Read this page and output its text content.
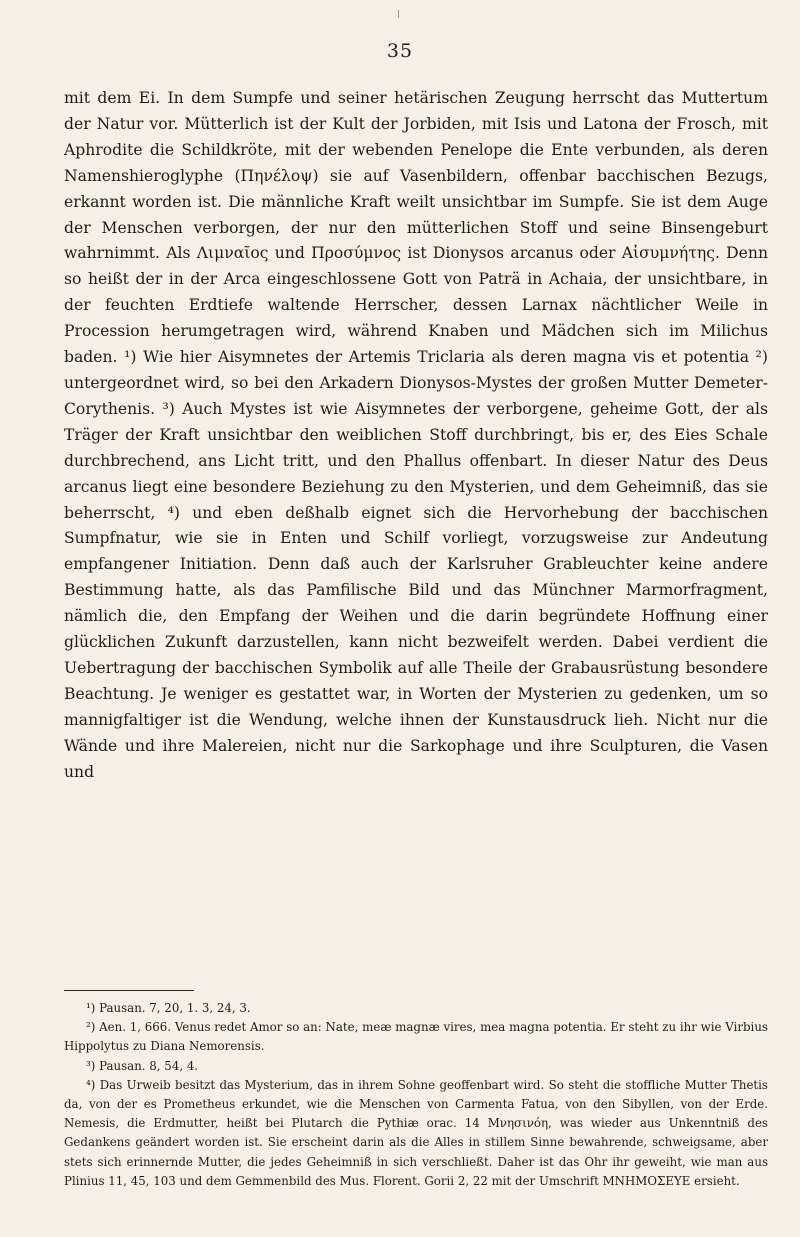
35
mit dem Ei. In dem Sumpfe und seiner hetärischen Zeugung herrscht das Muttertum der Natur vor. Mütterlich ist der Kult der Jorbiden, mit Isis und Latona der Frosch, mit Aphrodite die Schildkröte, mit der webenden Penelope die Ente verbunden, als deren Namenshieroglyphe (Πηνέλοψ) sie auf Vasenbildern, offenbar bacchischen Bezugs, erkannt worden ist. Die männliche Kraft weilt unsichtbar im Sumpfe. Sie ist dem Auge der Menschen verborgen, der nur den mütterlichen Stoff und seine Binsengeburt wahrnimmt. Als Λιμναῖος und Προσύμνος ist Dionysos arcanus oder Αἰσυμνήτης. Denn so heißt der in der Arca eingeschlossene Gott von Paträ in Achaia, der unsichtbare, in der feuchten Erdtiefe waltende Herrscher, dessen Larnax nächtlicher Weile in Procession herumgetragen wird, während Knaben und Mädchen sich im Milichus baden. ¹) Wie hier Aisymnetes der Artemis Triclaria als deren magna vis et potentia ²) untergeordnet wird, so bei den Arkadern Dionysos-Mystes der großen Mutter Demeter-Corythenis. ³) Auch Mystes ist wie Aisymnetes der verborgene, geheime Gott, der als Träger der Kraft unsichtbar den weiblichen Stoff durchbringt, bis er, des Eies Schale durchbrechend, ans Licht tritt, und den Phallus offenbart. In dieser Natur des Deus arcanus liegt eine besondere Beziehung zu den Mysterien, und dem Geheimniß, das sie beherrscht, ⁴) und eben deßhalb eignet sich die Hervorhebung der bacchischen Sumpfnatur, wie sie in Enten und Schilf vorliegt, vorzugsweise zur Andeutung empfangener Initiation. Denn daß auch der Karlsruher Grableuchter keine andere Bestimmung hatte, als das Pamfilische Bild und das Münchner Marmorfragment, nämlich die, den Empfang der Weihen und die darin begründete Hoffnung einer glücklichen Zukunft darzustellen, kann nicht bezweifelt werden. Dabei verdient die Uebertragung der bacchischen Symbolik auf alle Theile der Grabausrüstung besondere Beachtung. Je weniger es gestattet war, in Worten der Mysterien zu gedenken, um so mannigfaltiger ist die Wendung, welche ihnen der Kunstausdruck lieh. Nicht nur die Wände und ihre Malereien, nicht nur die Sarkophage und ihre Sculpturen, die Vasen und

¹) Pausan. 7, 20, 1. 3, 24, 3.

²) Aen. 1, 666. Venus redet Amor so an: Nate, meæ magnæ vires, mea magna potentia. Er steht zu ihr wie Virbius Hippolytus zu Diana Nemorensis.

³) Pausan. 8, 54, 4.

⁴) Das Urweib besitzt das Mysterium, das in ihrem Sohne geoffenbart wird. So steht die stoffliche Mutter Thetis da, von der es Prometheus erkundet, wie die Menschen von Carmenta Fatua, von den Sibyllen, von der Erde. Nemesis, die Erdmutter, heißt bei Plutarch die Pythiæ orac. 14 Μνησινόη, was wieder aus Unkenntniß des Gedankens geändert worden ist. Sie erscheint darin als die Alles in stillem Sinne bewahrende, schweigsame, aber stets sich erinnernde Mutter, die jedes Geheimniß in sich verschließt. Daher ist das Ohr ihr geweiht, wie man aus Plinius 11, 45, 103 und dem Gemmenbild des Mus. Florent. Gorii 2, 22 mit der Umschrift MNHMOΣEYE ersieht.
